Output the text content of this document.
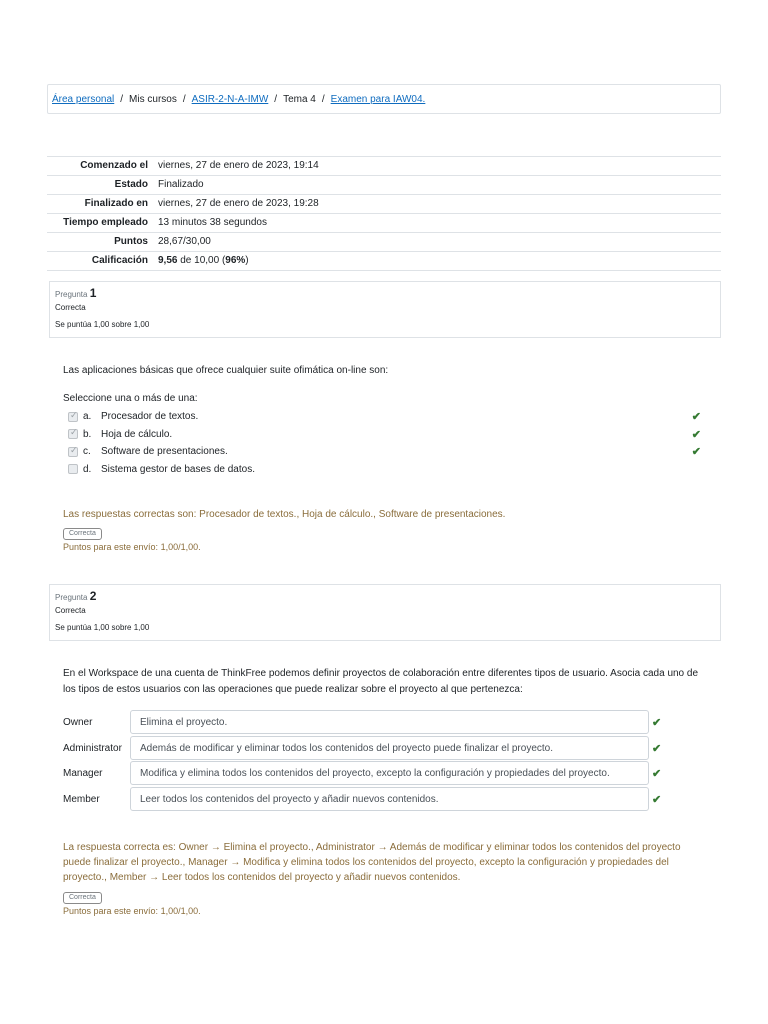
Área personal / Mis cursos / ASIR-2-N-A-IMW / Tema 4 / Examen para IAW04.
Comenzado el	viernes, 27 de enero de 2023, 19:14
Estado	Finalizado
Finalizado en	viernes, 27 de enero de 2023, 19:28
Tiempo empleado	13 minutos 38 segundos
Puntos	28,67/30,00
Calificación	9,56 de 10,00 (96%)
Pregunta 1
Correcta
Se puntúa 1,00 sobre 1,00
Las aplicaciones básicas que ofrece cualquier suite ofimática on-line son:
Seleccione una o más de una:
✓
a. Procesador de textos.	✔
✓
b. Hoja de cálculo.	✔
✓
c.	Software de presentaciones.	✔
d. Sistema gestor de bases de datos.
Las respuestas correctas son: Procesador de textos., Hoja de cálculo., Software de presentaciones.
Correcta
Puntos para este envío: 1,00/1,00.
Pregunta 2
Correcta
Se puntúa 1,00 sobre 1,00
En el Workspace de una cuenta de ThinkFree podemos definir proyectos de colaboración entre diferentes tipos de usuario. Asocia cada uno de los tipos de estos usuarios con las operaciones que puede realizar sobre el proyecto al que pertenezca:
Owner	Elimina el proyecto.	✔
Administrator	Además de modificar y eliminar todos los contenidos del proyecto puede finalizar el proyecto.	✔
Manager	Modifica y elimina todos los contenidos del proyecto, excepto la configuración y propiedades del proyecto.	✔
Member	Leer todos los contenidos del proyecto y añadir nuevos contenidos.	✔
La respuesta correcta es: Owner → Elimina el proyecto., Administrator → Además de modificar y eliminar todos los contenidos del proyecto puede finalizar el proyecto., Manager → Modifica y elimina todos los contenidos del proyecto, excepto la configuración y propiedades del proyecto., Member → Leer todos los contenidos del proyecto y añadir nuevos contenidos.
Correcta
Puntos para este envío: 1,00/1,00.
